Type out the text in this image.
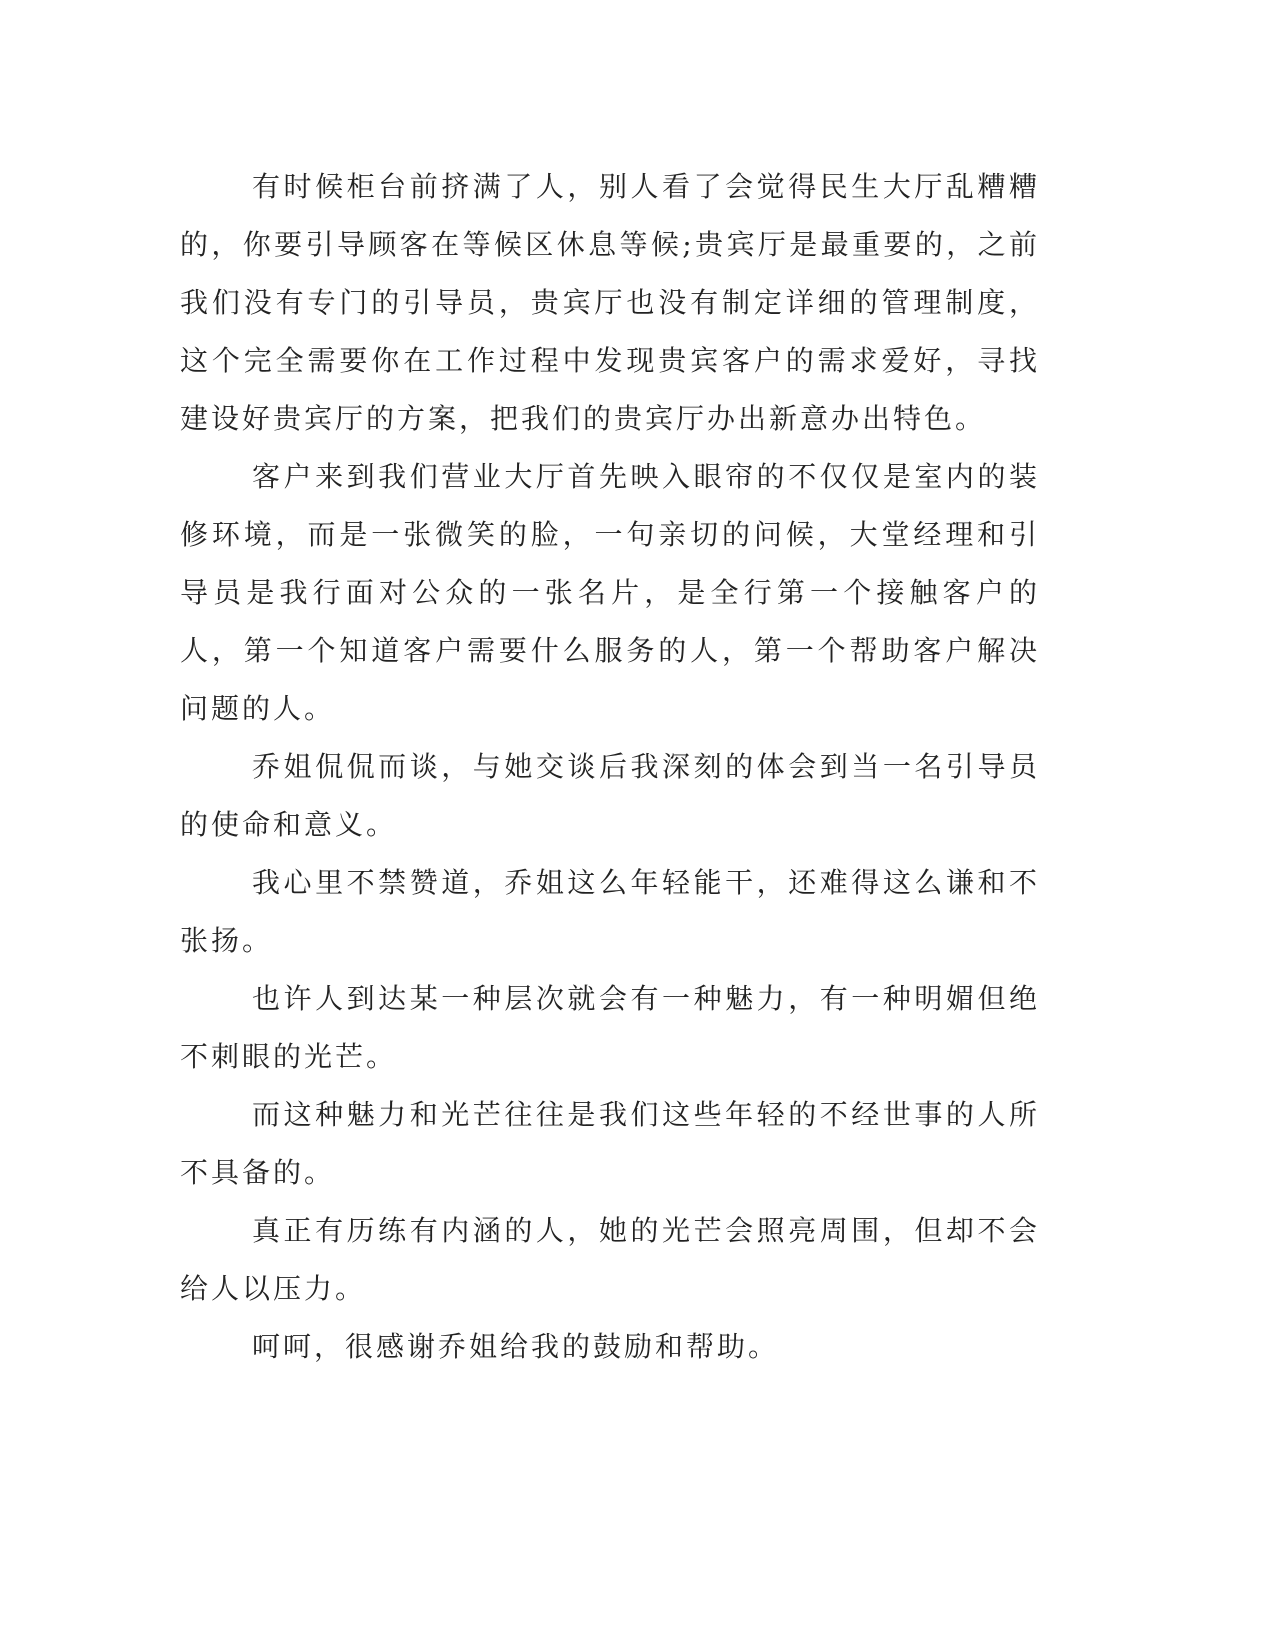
有时候柜台前挤满了人，别人看了会觉得民生大厅乱糟糟的，你要引导顾客在等候区休息等候;贵宾厅是最重要的，之前我们没有专门的引导员，贵宾厅也没有制定详细的管理制度，这个完全需要你在工作过程中发现贵宾客户的需求爱好，寻找建设好贵宾厅的方案，把我们的贵宾厅办出新意办出特色。

客户来到我们营业大厅首先映入眼帘的不仅仅是室内的装修环境，而是一张微笑的脸，一句亲切的问候，大堂经理和引导员是我行面对公众的一张名片，是全行第一个接触客户的人，第一个知道客户需要什么服务的人，第一个帮助客户解决问题的人。

乔姐侃侃而谈，与她交谈后我深刻的体会到当一名引导员的使命和意义。

我心里不禁赞道，乔姐这么年轻能干，还难得这么谦和不张扬。

也许人到达某一种层次就会有一种魅力，有一种明媚但绝不刺眼的光芒。

而这种魅力和光芒往往是我们这些年轻的不经世事的人所不具备的。

真正有历练有内涵的人，她的光芒会照亮周围，但却不会给人以压力。

呵呵，很感谢乔姐给我的鼓励和帮助。
